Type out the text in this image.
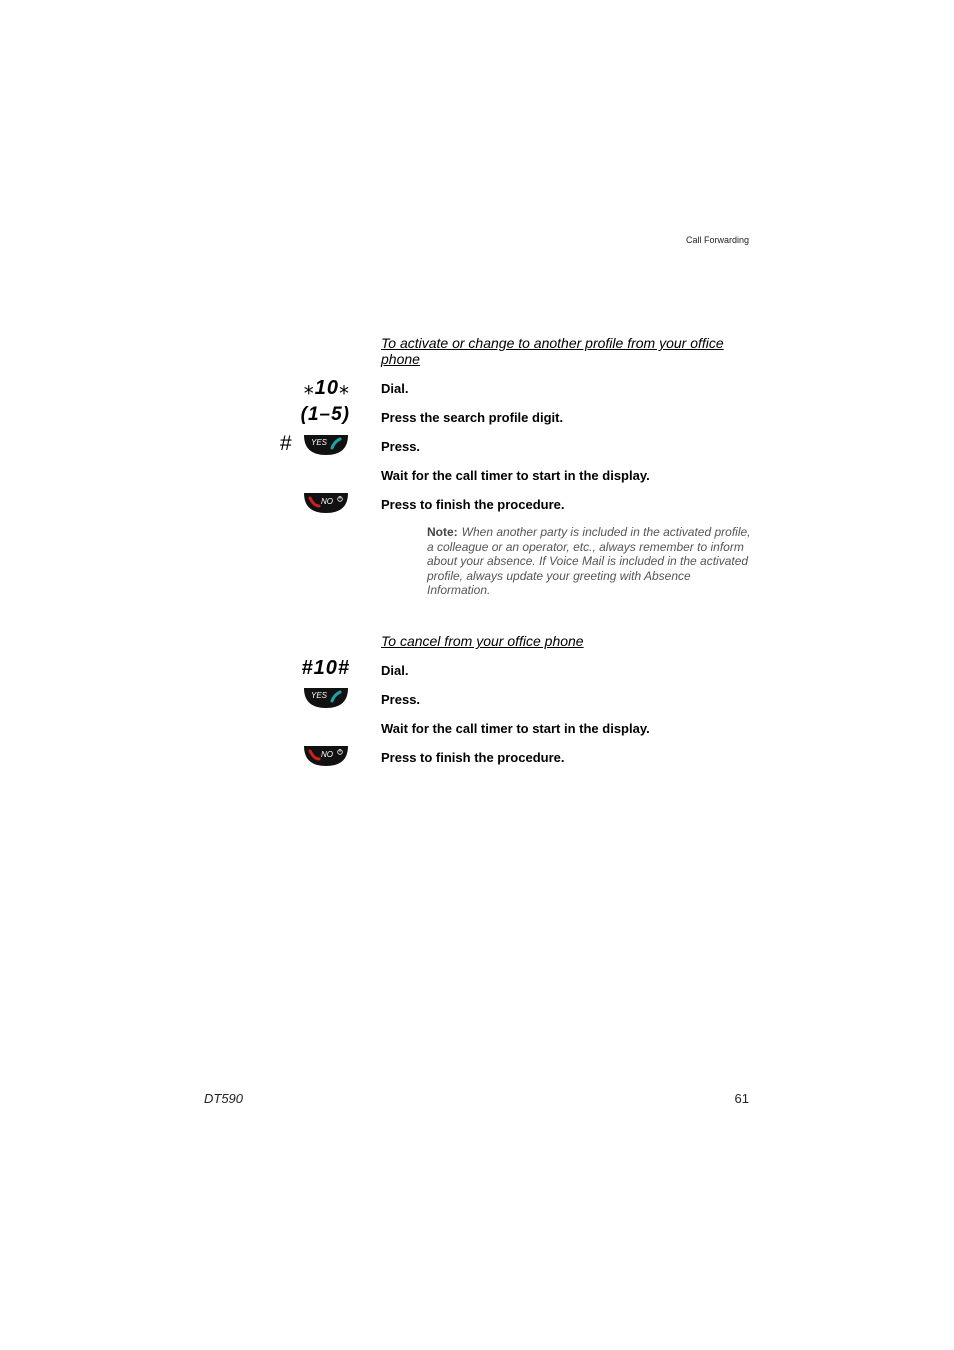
Call Forwarding
To activate or change to another profile from your office phone
⁎10⁎ Dial.
(1–5) Press the search profile digit.
# YES	Press.
Wait for the call timer to start in the display.
NO	Press to finish the procedure.
Note: When another party is included in the activated profile, a colleague or an operator, etc., always remember to inform about your absence. If Voice Mail is included in the activated profile, always update your greeting with Absence Information.
To cancel from your office phone
#10# Dial.
YES	Press.
Wait for the call timer to start in the display.
NO	Press to finish the procedure.
DT590	61
